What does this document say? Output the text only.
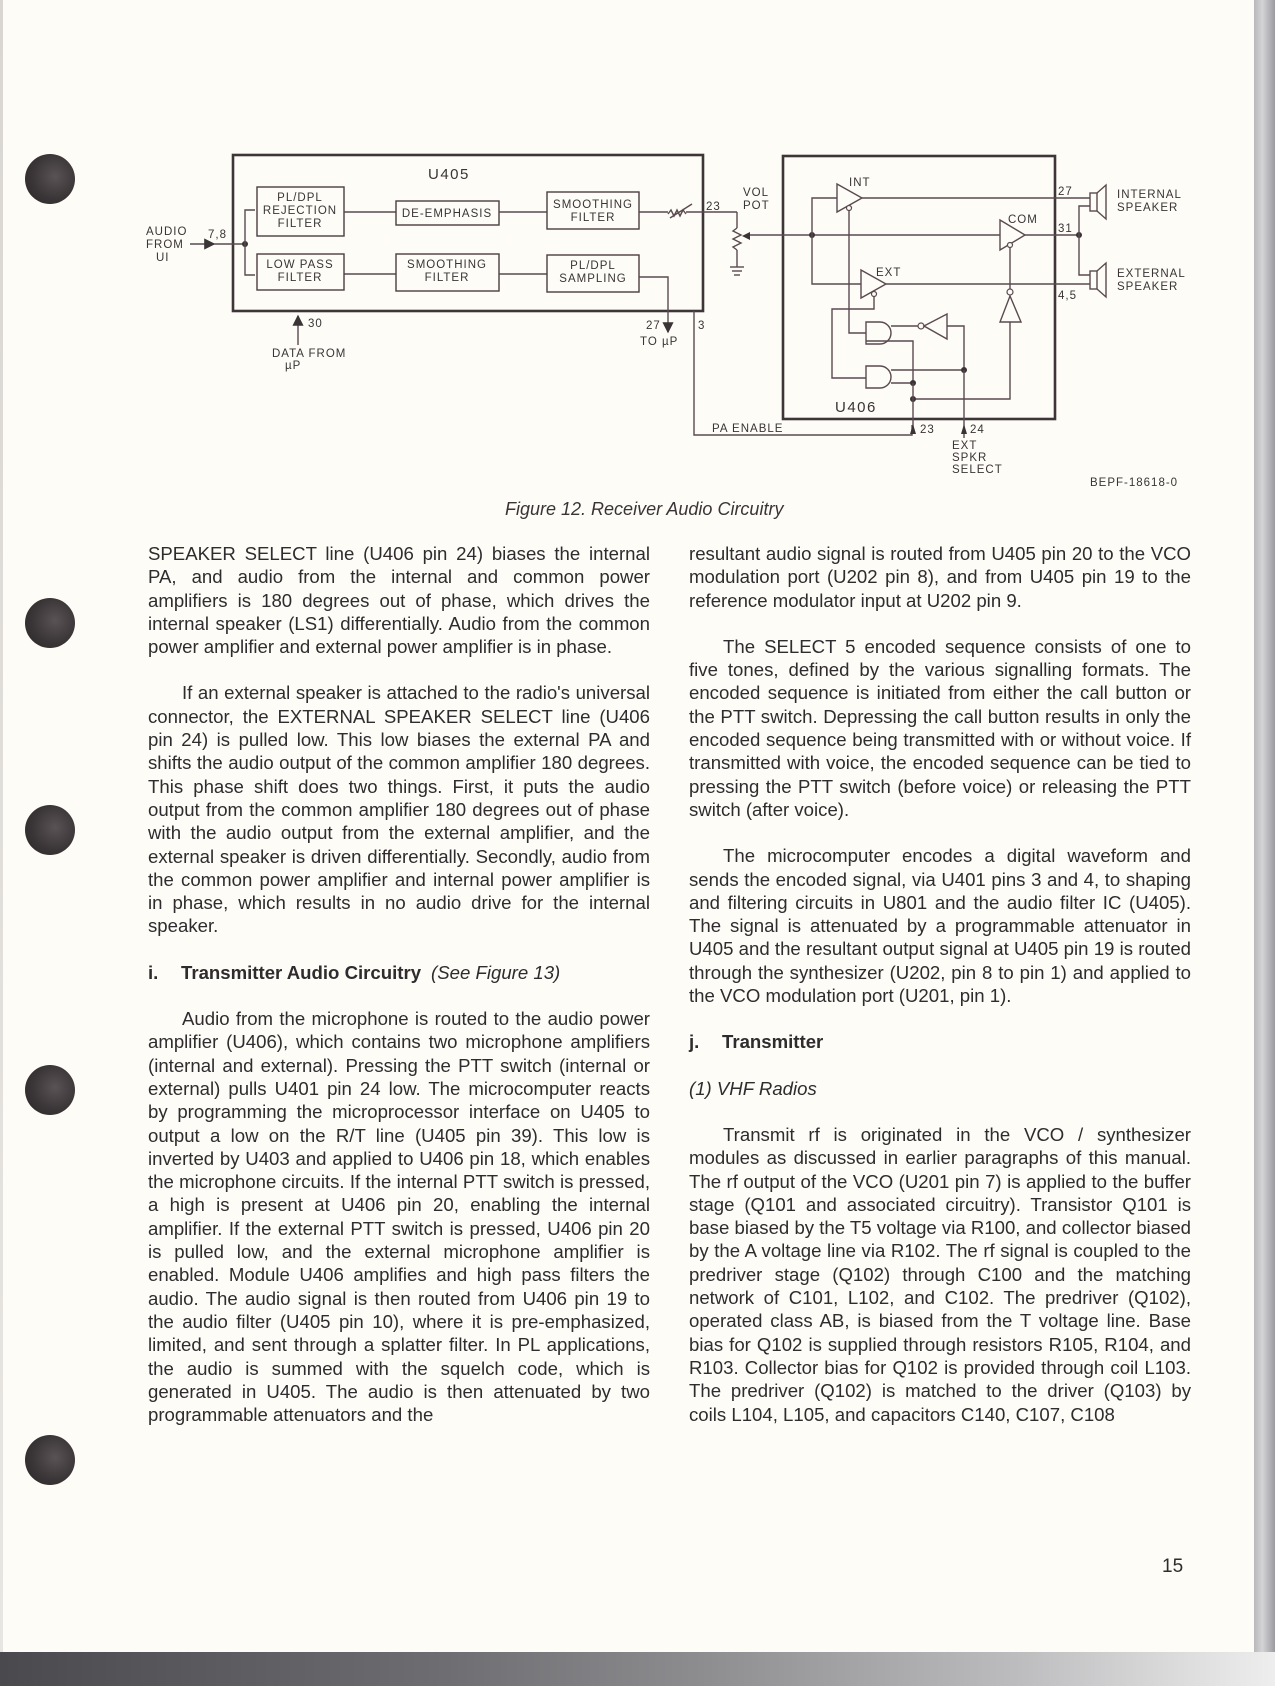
U405
AUDIO
FROM
UI
7,8
PL/DPL
REJECTION
FILTER
DE-EMPHASIS
SMOOTHING
FILTER
LOW PASS
FILTER
SMOOTHING
FILTER
PL/DPL
SAMPLING
23
VOL
POT
27
TO µP
3
PA ENABLE
30
DATA FROM
µP
U406
INT
COM
EXT
27
31
4,5
INTERNAL
SPEAKER
EXTERNAL
SPEAKER
23	24
EXT
SPKR
SELECT
BEPF-18618-0
Figure 12. Receiver Audio Circuitry

SPEAKER SELECT line (U406 pin 24) biases the internal PA, and audio from the internal and common power amplifiers is 180 degrees out of phase, which drives the internal speaker (LS1) differentially. Audio from the common power amplifier and external power amplifier is in phase.

If an external speaker is attached to the radio's universal connector, the EXTERNAL SPEAKER SELECT line (U406 pin 24) is pulled low. This low biases the external PA and shifts the audio output of the common amplifier 180 degrees. This phase shift does two things. First, it puts the audio output from the common amplifier 180 degrees out of phase with the audio output from the external amplifier, and the external speaker is driven differentially. Secondly, audio from the common power amplifier and internal power amplifier is in phase, which results in no audio drive for the internal speaker.

i. Transmitter Audio Circuitry (See Figure 13)

Audio from the microphone is routed to the audio power amplifier (U406), which contains two microphone amplifiers (internal and external). Pressing the PTT switch (internal or external) pulls U401 pin 24 low. The microcomputer reacts by programming the microprocessor interface on U405 to output a low on the R/T line (U405 pin 39). This low is inverted by U403 and applied to U406 pin 18, which enables the microphone circuits. If the internal PTT switch is pressed, a high is present at U406 pin 20, enabling the internal amplifier. If the external PTT switch is pressed, U406 pin 20 is pulled low, and the external microphone amplifier is enabled. Module U406 amplifies and high pass filters the audio. The audio signal is then routed from U406 pin 19 to the audio filter (U405 pin 10), where it is pre-emphasized, limited, and sent through a splatter filter. In PL applications, the audio is summed with the squelch code, which is generated in U405. The audio is then attenuated by two programmable attenuators and the

resultant audio signal is routed from U405 pin 20 to the VCO modulation port (U202 pin 8), and from U405 pin 19 to the reference modulator input at U202 pin 9.

The SELECT 5 encoded sequence consists of one to five tones, defined by the various signalling formats. The encoded sequence is initiated from either the call button or the PTT switch. Depressing the call button results in only the encoded sequence being transmitted with or without voice. If transmitted with voice, the encoded sequence can be tied to pressing the PTT switch (before voice) or releasing the PTT switch (after voice).

The microcomputer encodes a digital waveform and sends the encoded signal, via U401 pins 3 and 4, to shaping and filtering circuits in U801 and the audio filter IC (U405). The signal is attenuated by a programmable attenuator in U405 and the resultant output signal at U405 pin 19 is routed through the synthesizer (U202, pin 8 to pin 1) and applied to the VCO modulation port (U201, pin 1).

j. Transmitter

(1) VHF Radios

Transmit rf is originated in the VCO / synthesizer modules as discussed in earlier paragraphs of this manual. The rf output of the VCO (U201 pin 7) is applied to the buffer stage (Q101 and associated circuitry). Transistor Q101 is base biased by the T5 voltage via R100, and collector biased by the A voltage line via R102. The rf signal is coupled to the predriver stage (Q102) through C100 and the matching network of C101, L102, and C102. The predriver (Q102), operated class AB, is biased from the T voltage line. Base bias for Q102 is supplied through resistors R105, R104, and R103. Collector bias for Q102 is provided through coil L103. The predriver (Q102) is matched to the driver (Q103) by coils L104, L105, and capacitors C140, C107, C108

15
